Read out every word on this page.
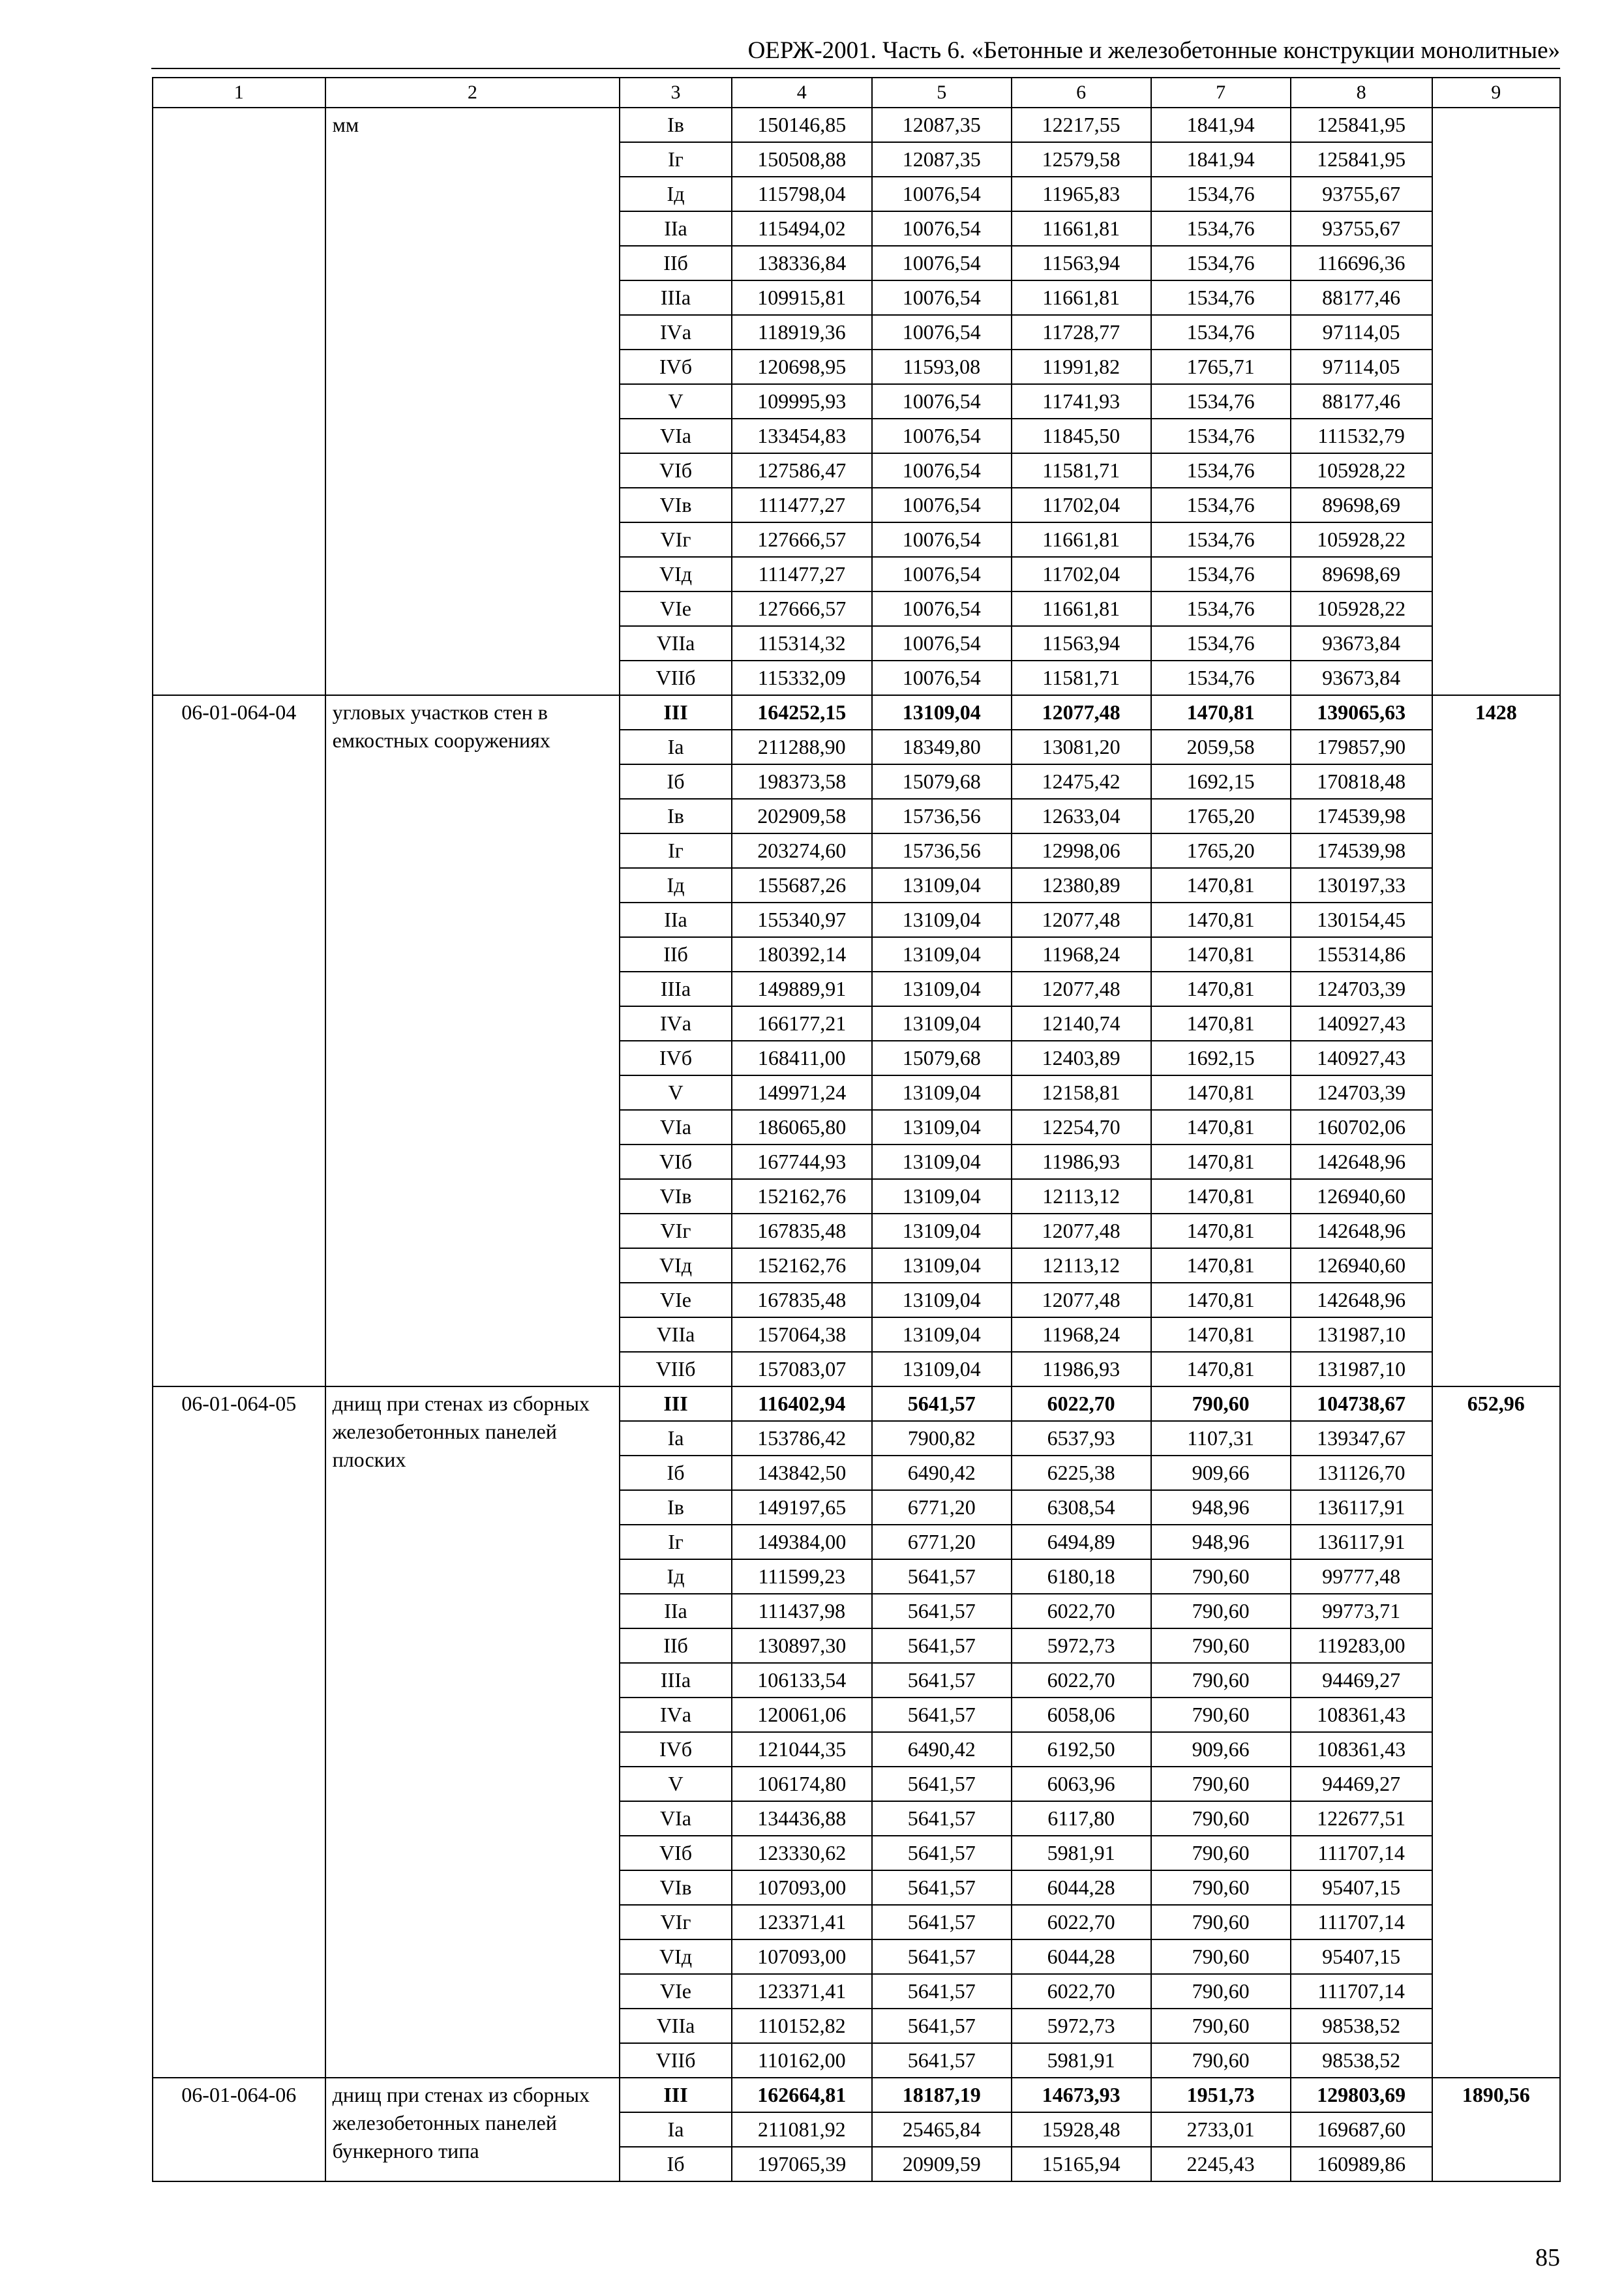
ОЕРЖ-2001. Часть 6. «Бетонные и железобетонные конструкции монолитные»
1	2	3	4	5	6	7	8	9
	мм	Iв	150146,85	12087,35	12217,55	1841,94	125841,95	
		Iг	150508,88	12087,35	12579,58	1841,94	125841,95	
		Iд	115798,04	10076,54	11965,83	1534,76	93755,67	
		IIа	115494,02	10076,54	11661,81	1534,76	93755,67	
		IIб	138336,84	10076,54	11563,94	1534,76	116696,36	
		IIIа	109915,81	10076,54	11661,81	1534,76	88177,46	
		IVа	118919,36	10076,54	11728,77	1534,76	97114,05	
		IVб	120698,95	11593,08	11991,82	1765,71	97114,05	
		V	109995,93	10076,54	11741,93	1534,76	88177,46	
		VIа	133454,83	10076,54	11845,50	1534,76	111532,79	
		VIб	127586,47	10076,54	11581,71	1534,76	105928,22	
		VIв	111477,27	10076,54	11702,04	1534,76	89698,69	
		VIг	127666,57	10076,54	11661,81	1534,76	105928,22	
		VIд	111477,27	10076,54	11702,04	1534,76	89698,69	
		VIе	127666,57	10076,54	11661,81	1534,76	105928,22	
		VIIа	115314,32	10076,54	11563,94	1534,76	93673,84	
		VIIб	115332,09	10076,54	11581,71	1534,76	93673,84	
06-01-064-04	угловых участков стен в емкостных сооружениях	III	164252,15	13109,04	12077,48	1470,81	139065,63	1428
		Iа	211288,90	18349,80	13081,20	2059,58	179857,90	
		Iб	198373,58	15079,68	12475,42	1692,15	170818,48	
		Iв	202909,58	15736,56	12633,04	1765,20	174539,98	
		Iг	203274,60	15736,56	12998,06	1765,20	174539,98	
		Iд	155687,26	13109,04	12380,89	1470,81	130197,33	
		IIа	155340,97	13109,04	12077,48	1470,81	130154,45	
		IIб	180392,14	13109,04	11968,24	1470,81	155314,86	
		IIIа	149889,91	13109,04	12077,48	1470,81	124703,39	
		IVа	166177,21	13109,04	12140,74	1470,81	140927,43	
		IVб	168411,00	15079,68	12403,89	1692,15	140927,43	
		V	149971,24	13109,04	12158,81	1470,81	124703,39	
		VIа	186065,80	13109,04	12254,70	1470,81	160702,06	
		VIб	167744,93	13109,04	11986,93	1470,81	142648,96	
		VIв	152162,76	13109,04	12113,12	1470,81	126940,60	
		VIг	167835,48	13109,04	12077,48	1470,81	142648,96	
		VIд	152162,76	13109,04	12113,12	1470,81	126940,60	
		VIе	167835,48	13109,04	12077,48	1470,81	142648,96	
		VIIа	157064,38	13109,04	11968,24	1470,81	131987,10	
		VIIб	157083,07	13109,04	11986,93	1470,81	131987,10	
06-01-064-05	днищ при стенах из сборных железобетонных панелей плоских	III	116402,94	5641,57	6022,70	790,60	104738,67	652,96
		Iа	153786,42	7900,82	6537,93	1107,31	139347,67	
		Iб	143842,50	6490,42	6225,38	909,66	131126,70	
		Iв	149197,65	6771,20	6308,54	948,96	136117,91	
		Iг	149384,00	6771,20	6494,89	948,96	136117,91	
		Iд	111599,23	5641,57	6180,18	790,60	99777,48	
		IIа	111437,98	5641,57	6022,70	790,60	99773,71	
		IIб	130897,30	5641,57	5972,73	790,60	119283,00	
		IIIа	106133,54	5641,57	6022,70	790,60	94469,27	
		IVа	120061,06	5641,57	6058,06	790,60	108361,43	
		IVб	121044,35	6490,42	6192,50	909,66	108361,43	
		V	106174,80	5641,57	6063,96	790,60	94469,27	
		VIа	134436,88	5641,57	6117,80	790,60	122677,51	
		VIб	123330,62	5641,57	5981,91	790,60	111707,14	
		VIв	107093,00	5641,57	6044,28	790,60	95407,15	
		VIг	123371,41	5641,57	6022,70	790,60	111707,14	
		VIд	107093,00	5641,57	6044,28	790,60	95407,15	
		VIе	123371,41	5641,57	6022,70	790,60	111707,14	
		VIIа	110152,82	5641,57	5972,73	790,60	98538,52	
		VIIб	110162,00	5641,57	5981,91	790,60	98538,52	
06-01-064-06	днищ при стенах из сборных железобетонных панелей бункерного типа	III	162664,81	18187,19	14673,93	1951,73	129803,69	1890,56
		Iа	211081,92	25465,84	15928,48	2733,01	169687,60	
		Iб	197065,39	20909,59	15165,94	2245,43	160989,86	
85
